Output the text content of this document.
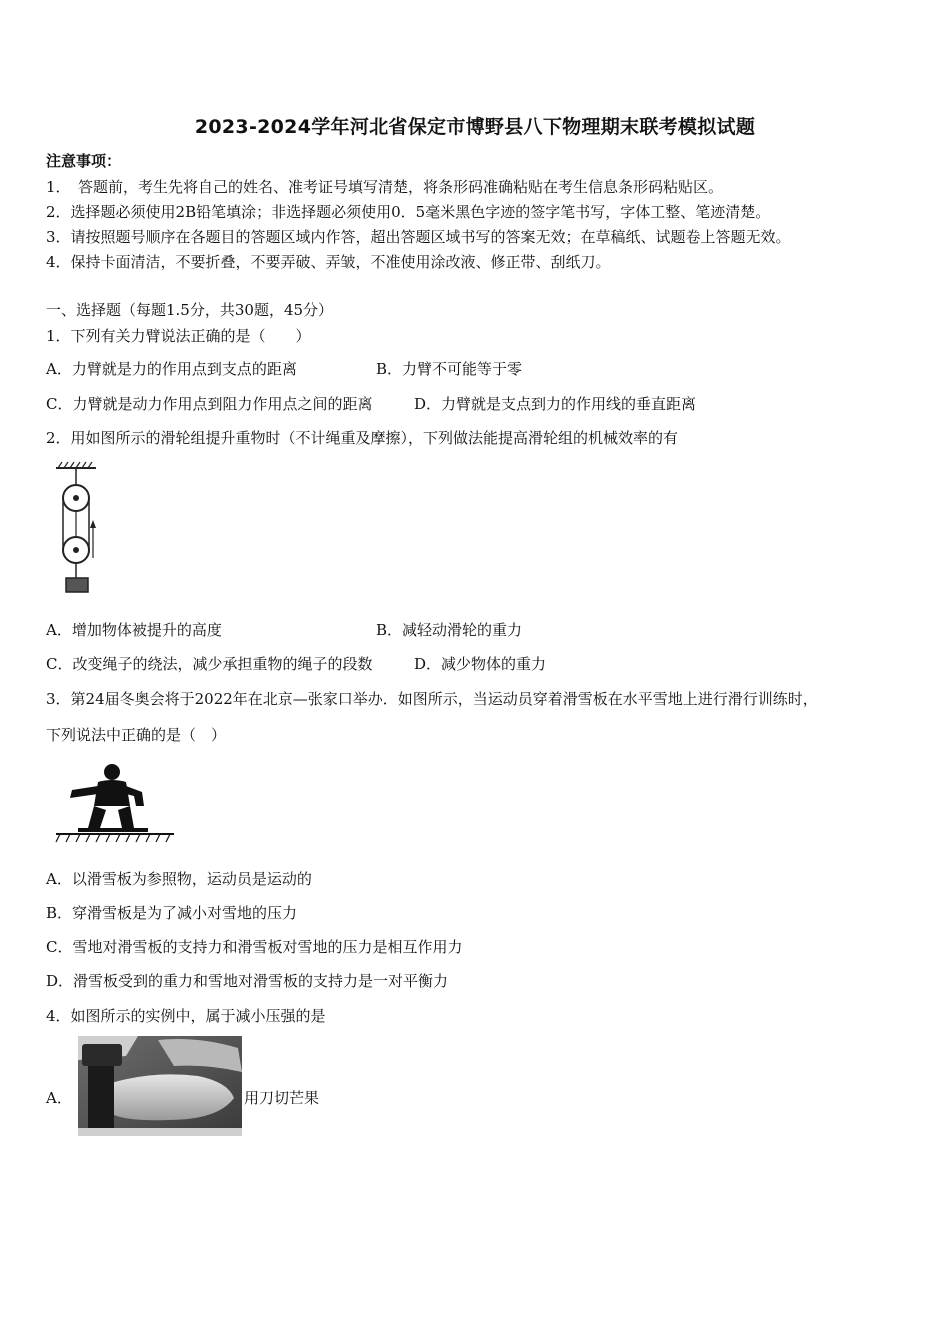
2023-2024学年河北省保定市博野县八下物理期末联考模拟试题
注意事项：
1．　答题前，考生先将自己的姓名、准考证号填写清楚，将条形码准确粘贴在考生信息条形码粘贴区。
2．选择题必须使用2B铅笔填涂；非选择题必须使用0．5毫米黑色字迹的签字笔书写，字体工整、笔迹清楚。
3．请按照题号顺序在各题目的答题区域内作答，超出答题区域书写的答案无效；在草稿纸、试题卷上答题无效。
4．保持卡面清洁，不要折叠，不要弄破、弄皱，不准使用涂改液、修正带、刮纸刀。
一、选择题（每题1.5分，共30题，45分）
1．下列有关力臂说法正确的是（　　）
A．力臂就是力的作用点到支点的距离	B．力臂不可能等于零
C．力臂就是动力作用点到阻力作用点之间的距离	D．力臂就是支点到力的作用线的垂直距离
2．用如图所示的滑轮组提升重物时（不计绳重及摩擦），下列做法能提高滑轮组的机械效率的有
A．增加物体被提升的高度	B．减轻动滑轮的重力
C．改变绳子的绕法，减少承担重物的绳子的段数	D．减少物体的重力
3．第24届冬奥会将于2022年在北京—张家口举办．如图所示，当运动员穿着滑雪板在水平雪地上进行滑行训练时，
下列说法中正确的是（　）
A．以滑雪板为参照物，运动员是运动的
B．穿滑雪板是为了减小对雪地的压力
C．雪地对滑雪板的支持力和滑雪板对雪地的压力是相互作用力
D．滑雪板受到的重力和雪地对滑雪板的支持力是一对平衡力
4．如图所示的实例中，属于减小压强的是
A．	用刀切芒果
